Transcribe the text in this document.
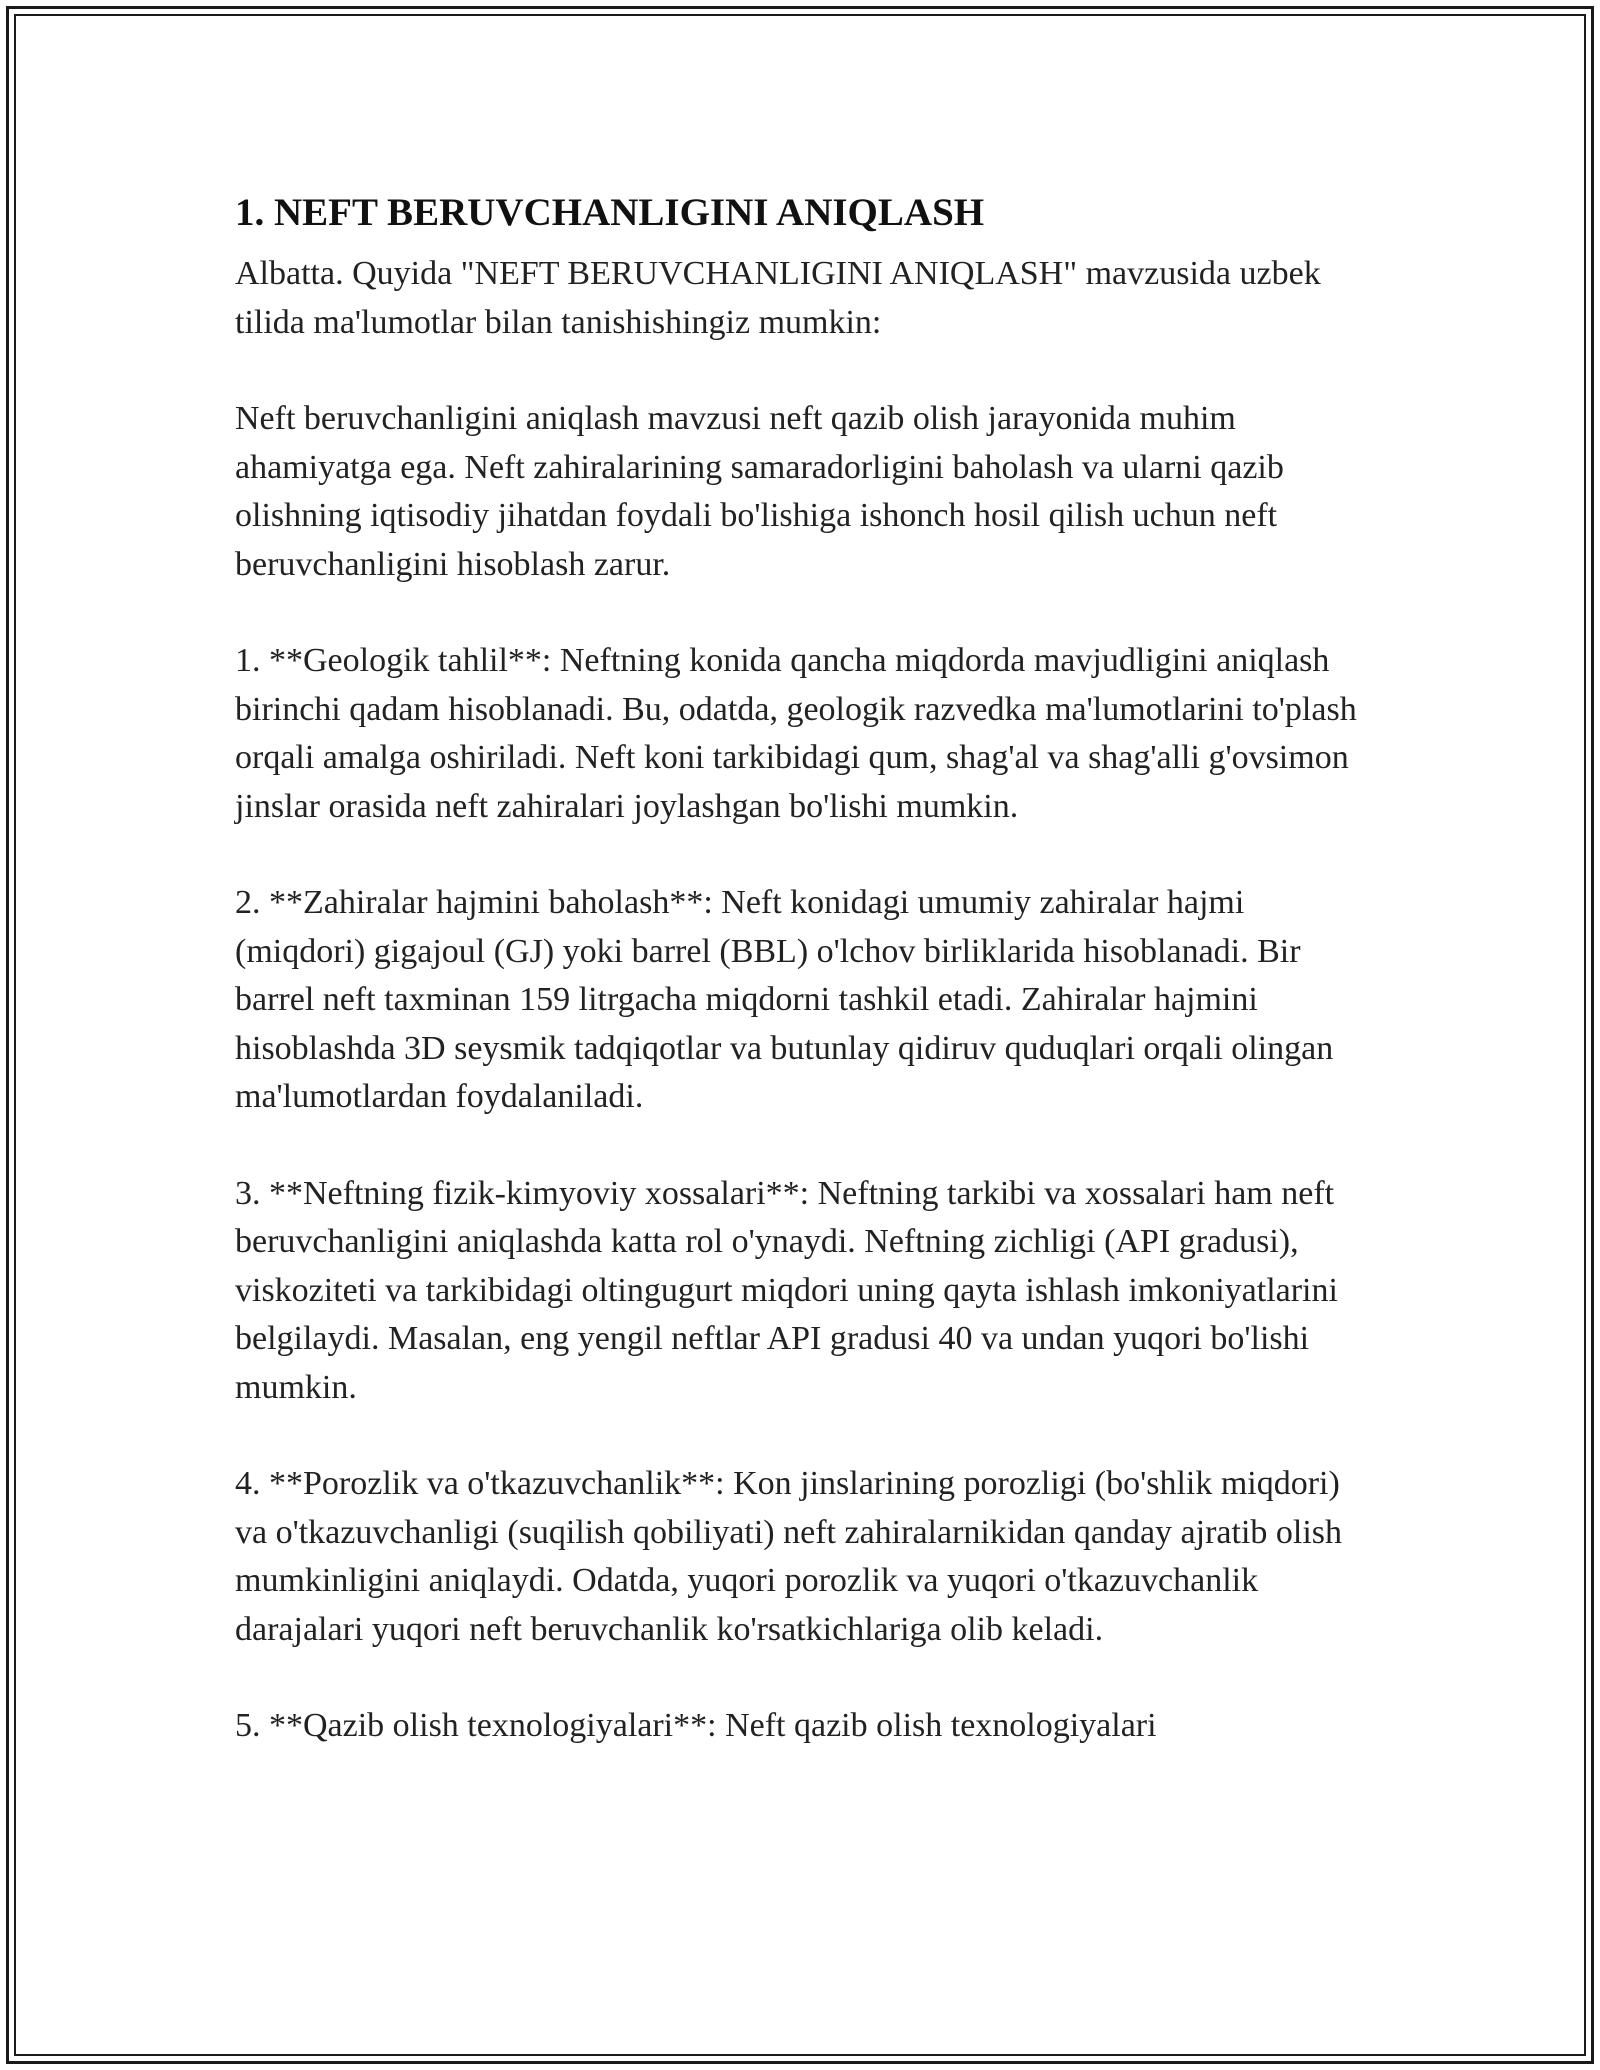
1. NEFT BERUVCHANLIGINI ANIQLASH

Albatta. Quyida "NEFT BERUVCHANLIGINI ANIQLASH" mavzusida uzbek tilida ma'lumotlar bilan tanishishingiz mumkin:

Neft beruvchanligini aniqlash mavzusi neft qazib olish jarayonida muhim ahamiyatga ega. Neft zahiralarining samaradorligini baholash va ularni qazib olishning iqtisodiy jihatdan foydali bo'lishiga ishonch hosil qilish uchun neft beruvchanligini hisoblash zarur.

1. **Geologik tahlil**: Neftning konida qancha miqdorda mavjudligini aniqlash birinchi qadam hisoblanadi. Bu, odatda, geologik razvedka ma'lumotlarini to'plash orqali amalga oshiriladi. Neft koni tarkibidagi qum, shag'al va shag'alli g'ovsimon jinslar orasida neft zahiralari joylashgan bo'lishi mumkin.

2. **Zahiralar hajmini baholash**: Neft konidagi umumiy zahiralar hajmi (miqdori) gigajoul (GJ) yoki barrel (BBL) o'lchov birliklarida hisoblanadi. Bir barrel neft taxminan 159 litrgacha miqdorni tashkil etadi. Zahiralar hajmini hisoblashda 3D seysmik tadqiqotlar va butunlay qidiruv quduqlari orqali olingan ma'lumotlardan foydalaniladi.

3. **Neftning fizik-kimyoviy xossalari**: Neftning tarkibi va xossalari ham neft beruvchanligini aniqlashda katta rol o'ynaydi. Neftning zichligi (API gradusi), viskoziteti va tarkibidagi oltingugurt miqdori uning qayta ishlash imkoniyatlarini belgilaydi. Masalan, eng yengil neftlar API gradusi 40 va undan yuqori bo'lishi mumkin.

4. **Porozlik va o'tkazuvchanlik**: Kon jinslarining porozligi (bo'shlik miqdori) va o'tkazuvchanligi (suqilish qobiliyati) neft zahiralarnikidan qanday ajratib olish mumkinligini aniqlaydi. Odatda, yuqori porozlik va yuqori o'tkazuvchanlik darajalari yuqori neft beruvchanlik ko'rsatkichlariga olib keladi.

5. **Qazib olish texnologiyalari**: Neft qazib olish texnologiyalari
